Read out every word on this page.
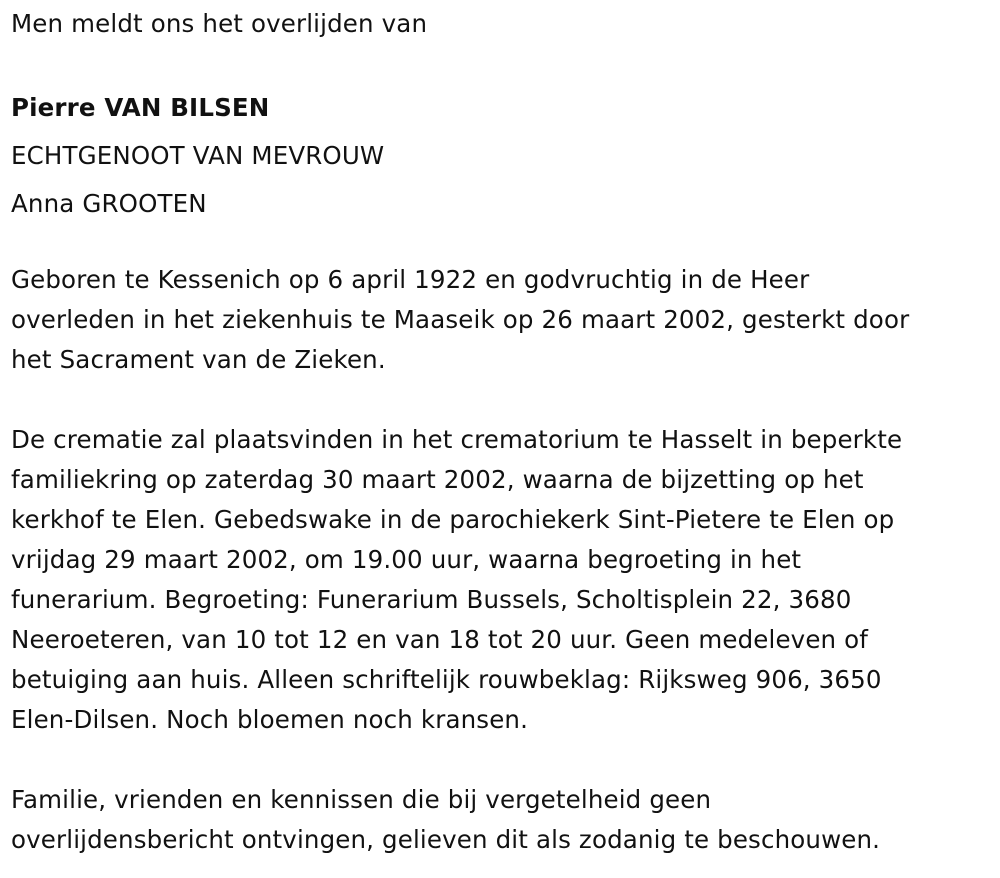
Men meldt ons het overlijden van
Pierre VAN BILSEN
ECHTGENOOT VAN MEVROUW
Anna GROOTEN

Geboren te Kessenich op 6 april 1922 en godvruchtig in de Heer
overleden in het ziekenhuis te Maaseik op 26 maart 2002, gesterkt door
het Sacrament van de Zieken.

De crematie zal plaatsvinden in het crematorium te Hasselt in beperkte
familiekring op zaterdag 30 maart 2002, waarna de bijzetting op het
kerkhof te Elen. Gebedswake in de parochiekerk Sint-Pietere te Elen op
vrijdag 29 maart 2002, om 19.00 uur, waarna begroeting in het
funerarium. Begroeting: Funerarium Bussels, Scholtisplein 22, 3680
Neeroeteren, van 10 tot 12 en van 18 tot 20 uur. Geen medeleven of
betuiging aan huis. Alleen schriftelijk rouwbeklag: Rijksweg 906, 3650
Elen-Dilsen. Noch bloemen noch kransen.

Familie, vrienden en kennissen die bij vergetelheid geen
overlijdensbericht ontvingen, gelieven dit als zodanig te beschouwen.
